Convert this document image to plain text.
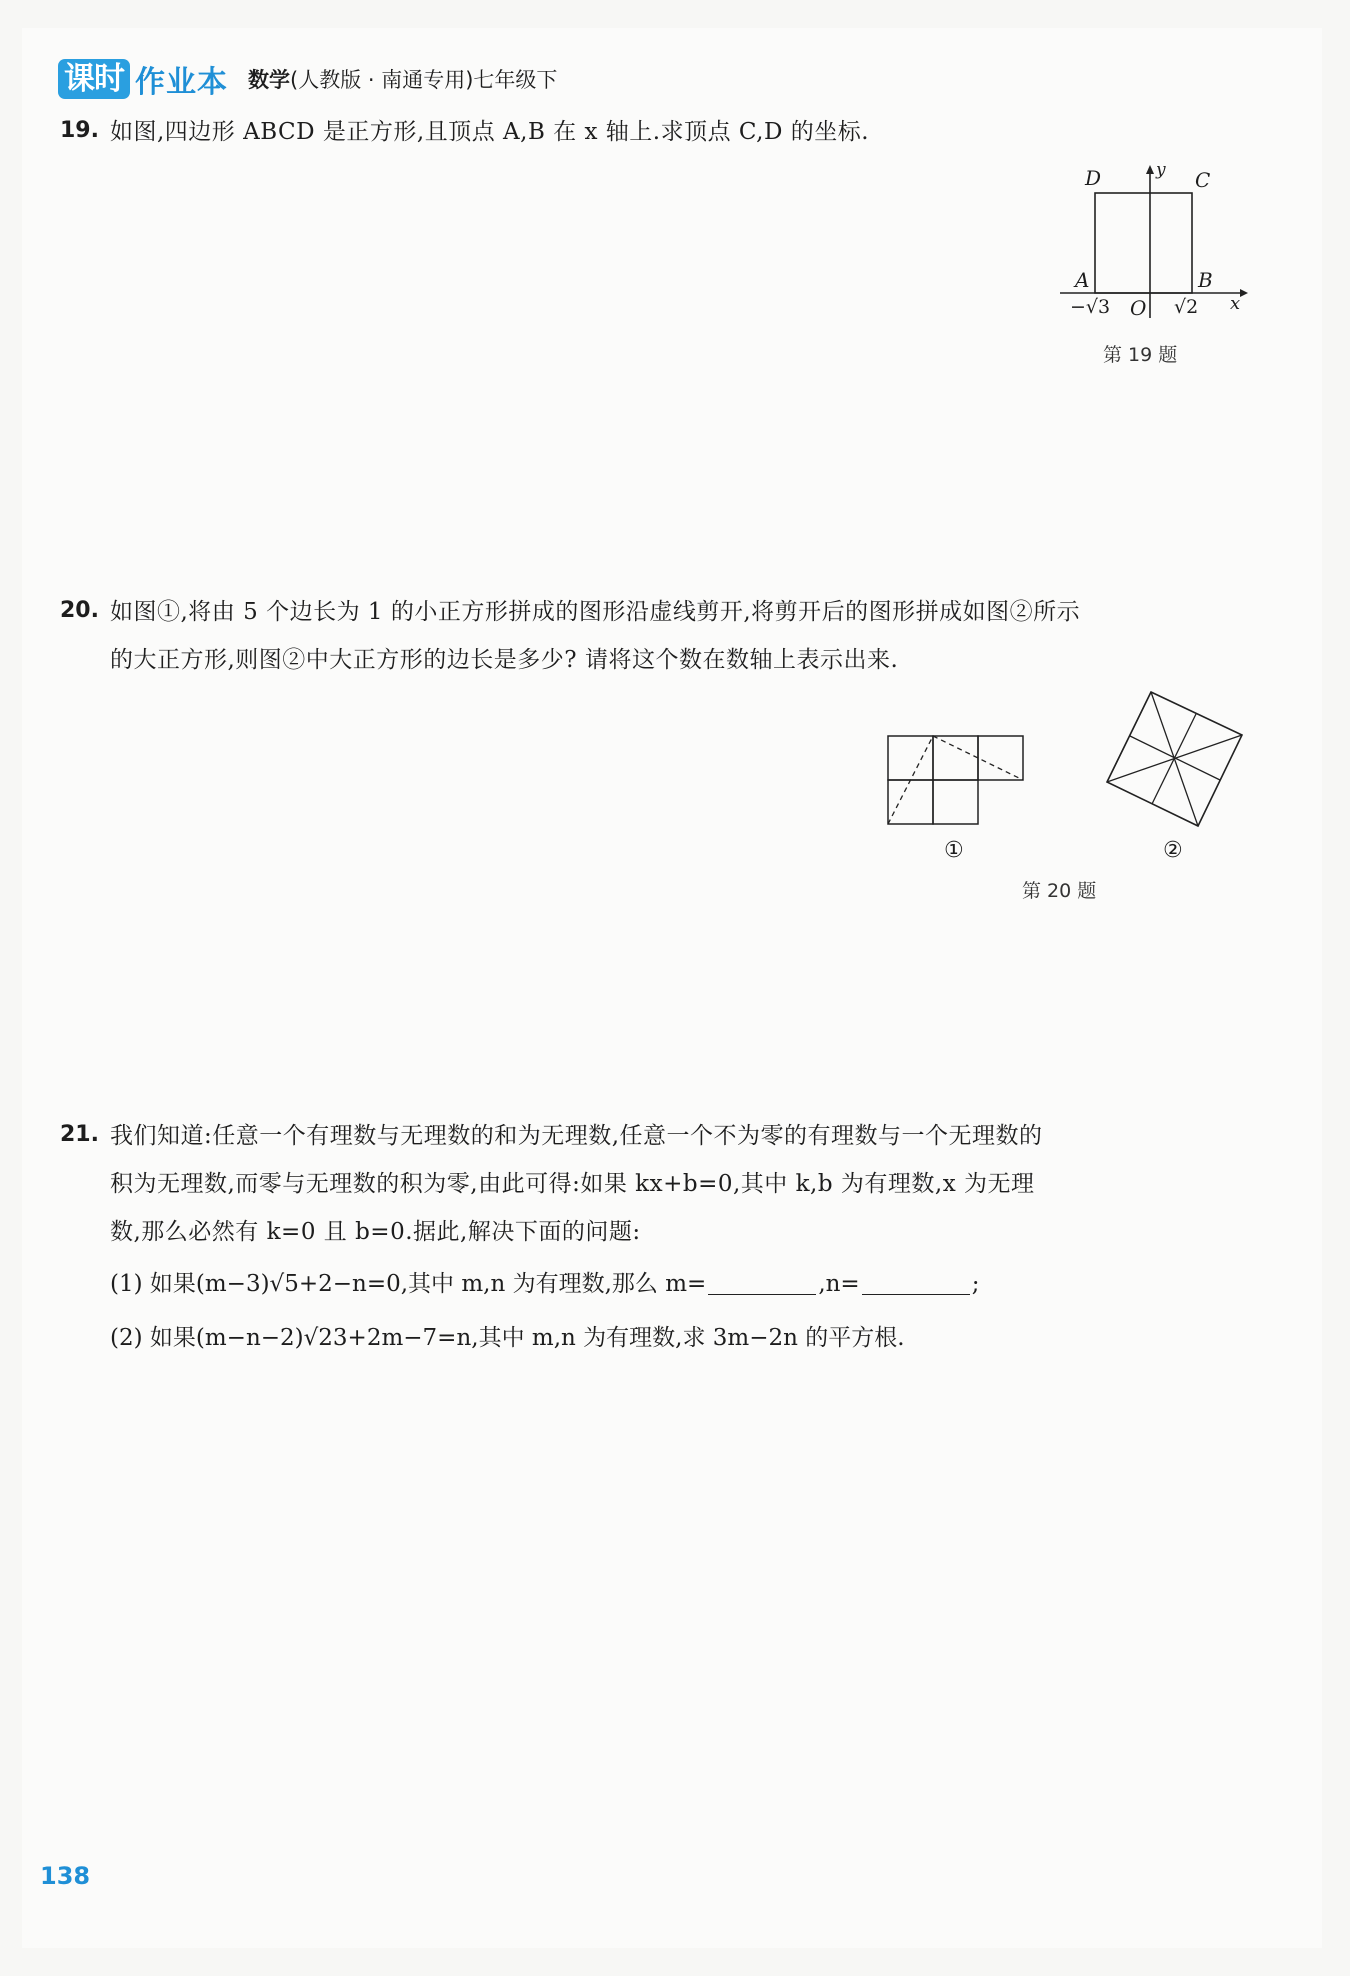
课时 作业本 数学(人教版 · 南通专用)七年级下
19. 如图,四边形 ABCD 是正方形,且顶点 A,B 在 x 轴上.求顶点 C,D 的坐标.
D	C
y
A	B
O	x
−√3	√2
第 19 题
20. 如图①,将由 5 个边长为 1 的小正方形拼成的图形沿虚线剪开,将剪开后的图形拼成如图②所示
的大正方形,则图②中大正方形的边长是多少? 请将这个数在数轴上表示出来.
①	②
第 20 题
21. 我们知道:任意一个有理数与无理数的和为无理数,任意一个不为零的有理数与一个无理数的
积为无理数,而零与无理数的积为零,由此可得:如果 kx+b=0,其中 k,b 为有理数,x 为无理
数,那么必然有 k=0 且 b=0.据此,解决下面的问题:
(1) 如果(m−3)√5+2−n=0,其中 m,n 为有理数,那么 m=	,n=	;
(2) 如果(m−n−2)√23+2m−7=n,其中 m,n 为有理数,求 3m−2n 的平方根.
138
